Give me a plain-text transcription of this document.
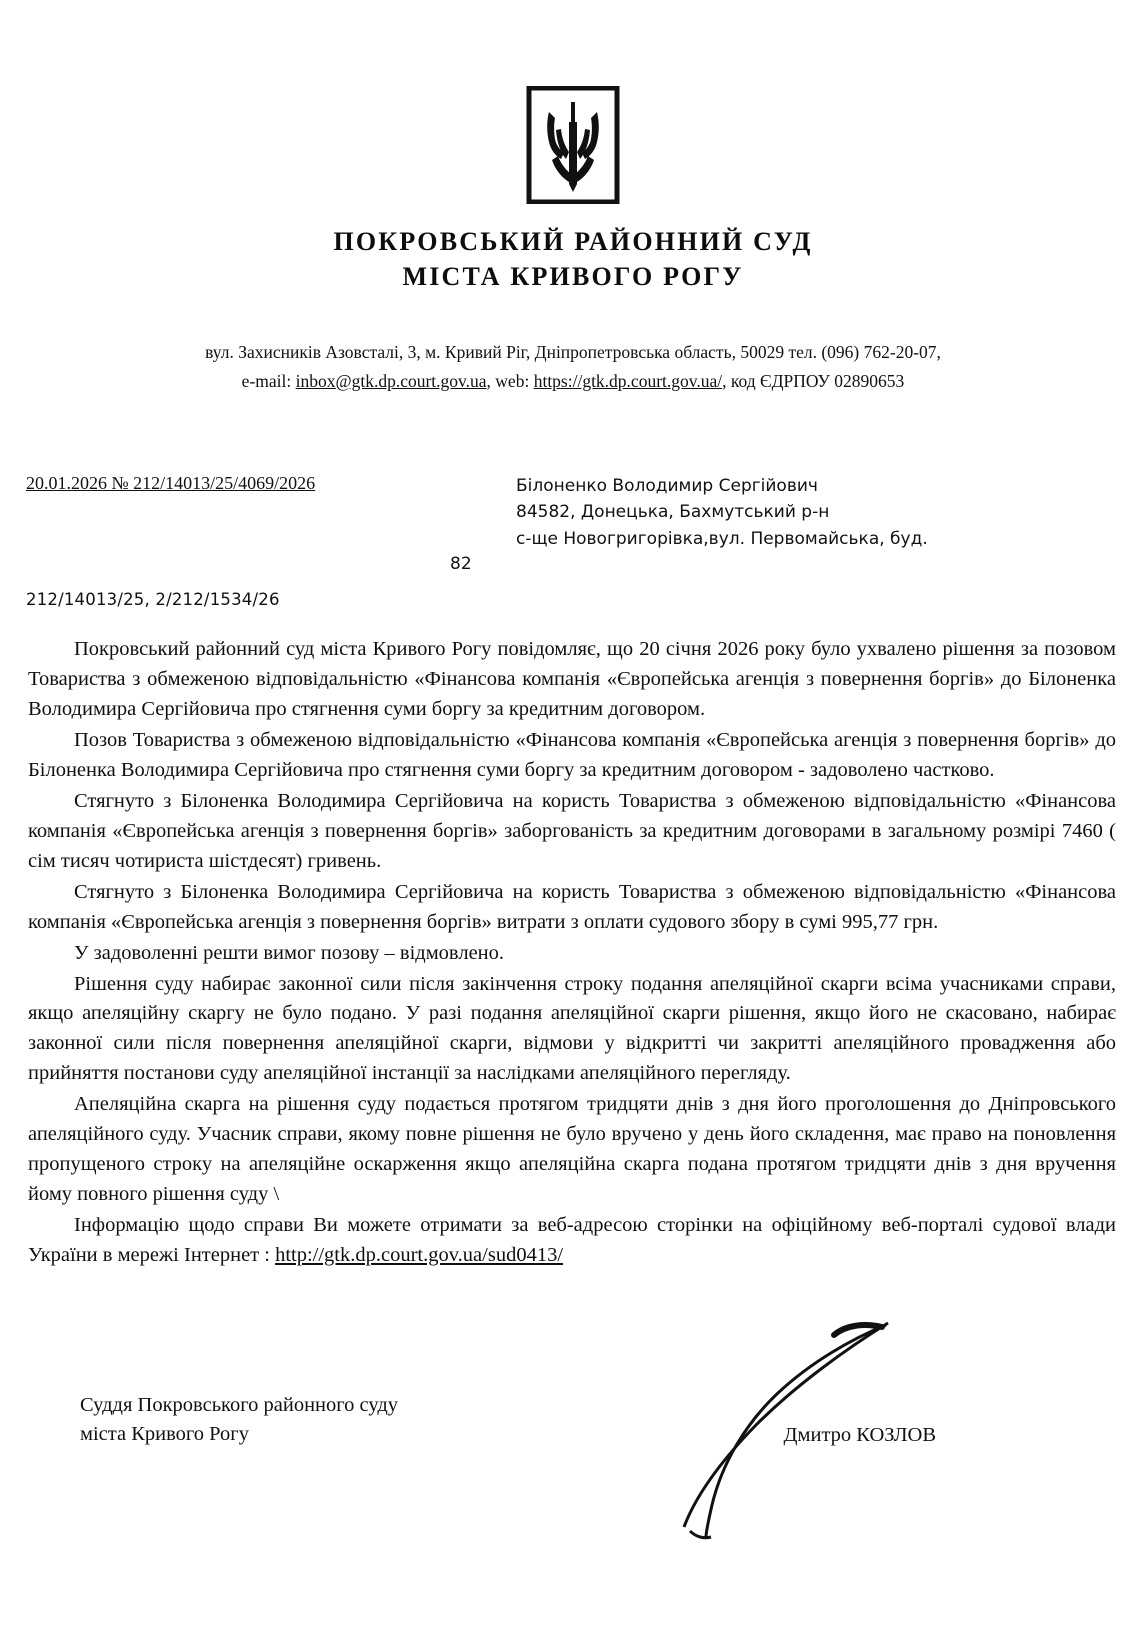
ПОКРОВСЬКИЙ РАЙОННИЙ СУД
МІСТА КРИВОГО РОГУ
вул. Захисників Азовсталі, 3, м. Кривий Ріг, Дніпропетровська область, 50029 тел. (096) 762-20-07,
e-mail: inbox@gtk.dp.court.gov.ua, web: https://gtk.dp.court.gov.ua/, код ЄДРПОУ 02890653
20.01.2026 № 212/14013/25/4069/2026	Білоненко Володимир Сергійович
84582, Донецька, Бахмутський р-н
с-ще Новогригорівка,вул. Первомайська, буд.
82
212/14013/25, 2/212/1534/26

Покровський районний суд міста Кривого Рогу повідомляє, що 20 січня 2026 року було ухвалено рішення за позовом Товариства з обмеженою відповідальністю «Фінансова компанія «Європейська агенція з повернення боргів» до Білоненка Володимира Сергійовича про стягнення суми боргу за кредитним договором.

Позов Товариства з обмеженою відповідальністю «Фінансова компанія «Європейська агенція з повернення боргів» до Білоненка Володимира Сергійовича про стягнення суми боргу за кредитним договором - задоволено частково.

Стягнуто з Білоненка Володимира Сергійовича на користь Товариства з обмеженою відповідальністю «Фінансова компанія «Європейська агенція з повернення боргів» заборгованість за кредитним договорами в загальному розмірі 7460 ( сім тисяч чотириста шістдесят) гривень.

Стягнуто з Білоненка Володимира Сергійовича на користь Товариства з обмеженою відповідальністю «Фінансова компанія «Європейська агенція з повернення боргів» витрати з оплати судового збору в сумі 995,77 грн.

У задоволенні решти вимог позову – відмовлено.

Рішення суду набирає законної сили після закінчення строку подання апеляційної скарги всіма учасниками справи, якщо апеляційну скаргу не було подано. У разі подання апеляційної скарги рішення, якщо його не скасовано, набирає законної сили після повернення апеляційної скарги, відмови у відкритті чи закритті апеляційного провадження або прийняття постанови суду апеляційної інстанції за наслідками апеляційного перегляду.

Апеляційна скарга на рішення суду подається протягом тридцяти днів з дня його проголошення до Дніпровського апеляційного суду. Учасник справи, якому повне рішення не було вручено у день його складення, має право на поновлення пропущеного строку на апеляційне оскарження якщо апеляційна скарга подана протягом тридцяти днів з дня вручення йому повного рішення суду \

Інформацію щодо справи Ви можете отримати за веб-адресою сторінки на офіційному веб-порталі судової влади України в мережі Інтернет : http://gtk.dp.court.gov.ua/sud0413/

Суддя Покровського районного суду
міста Кривого Рогу	Дмитро КОЗЛОВ
